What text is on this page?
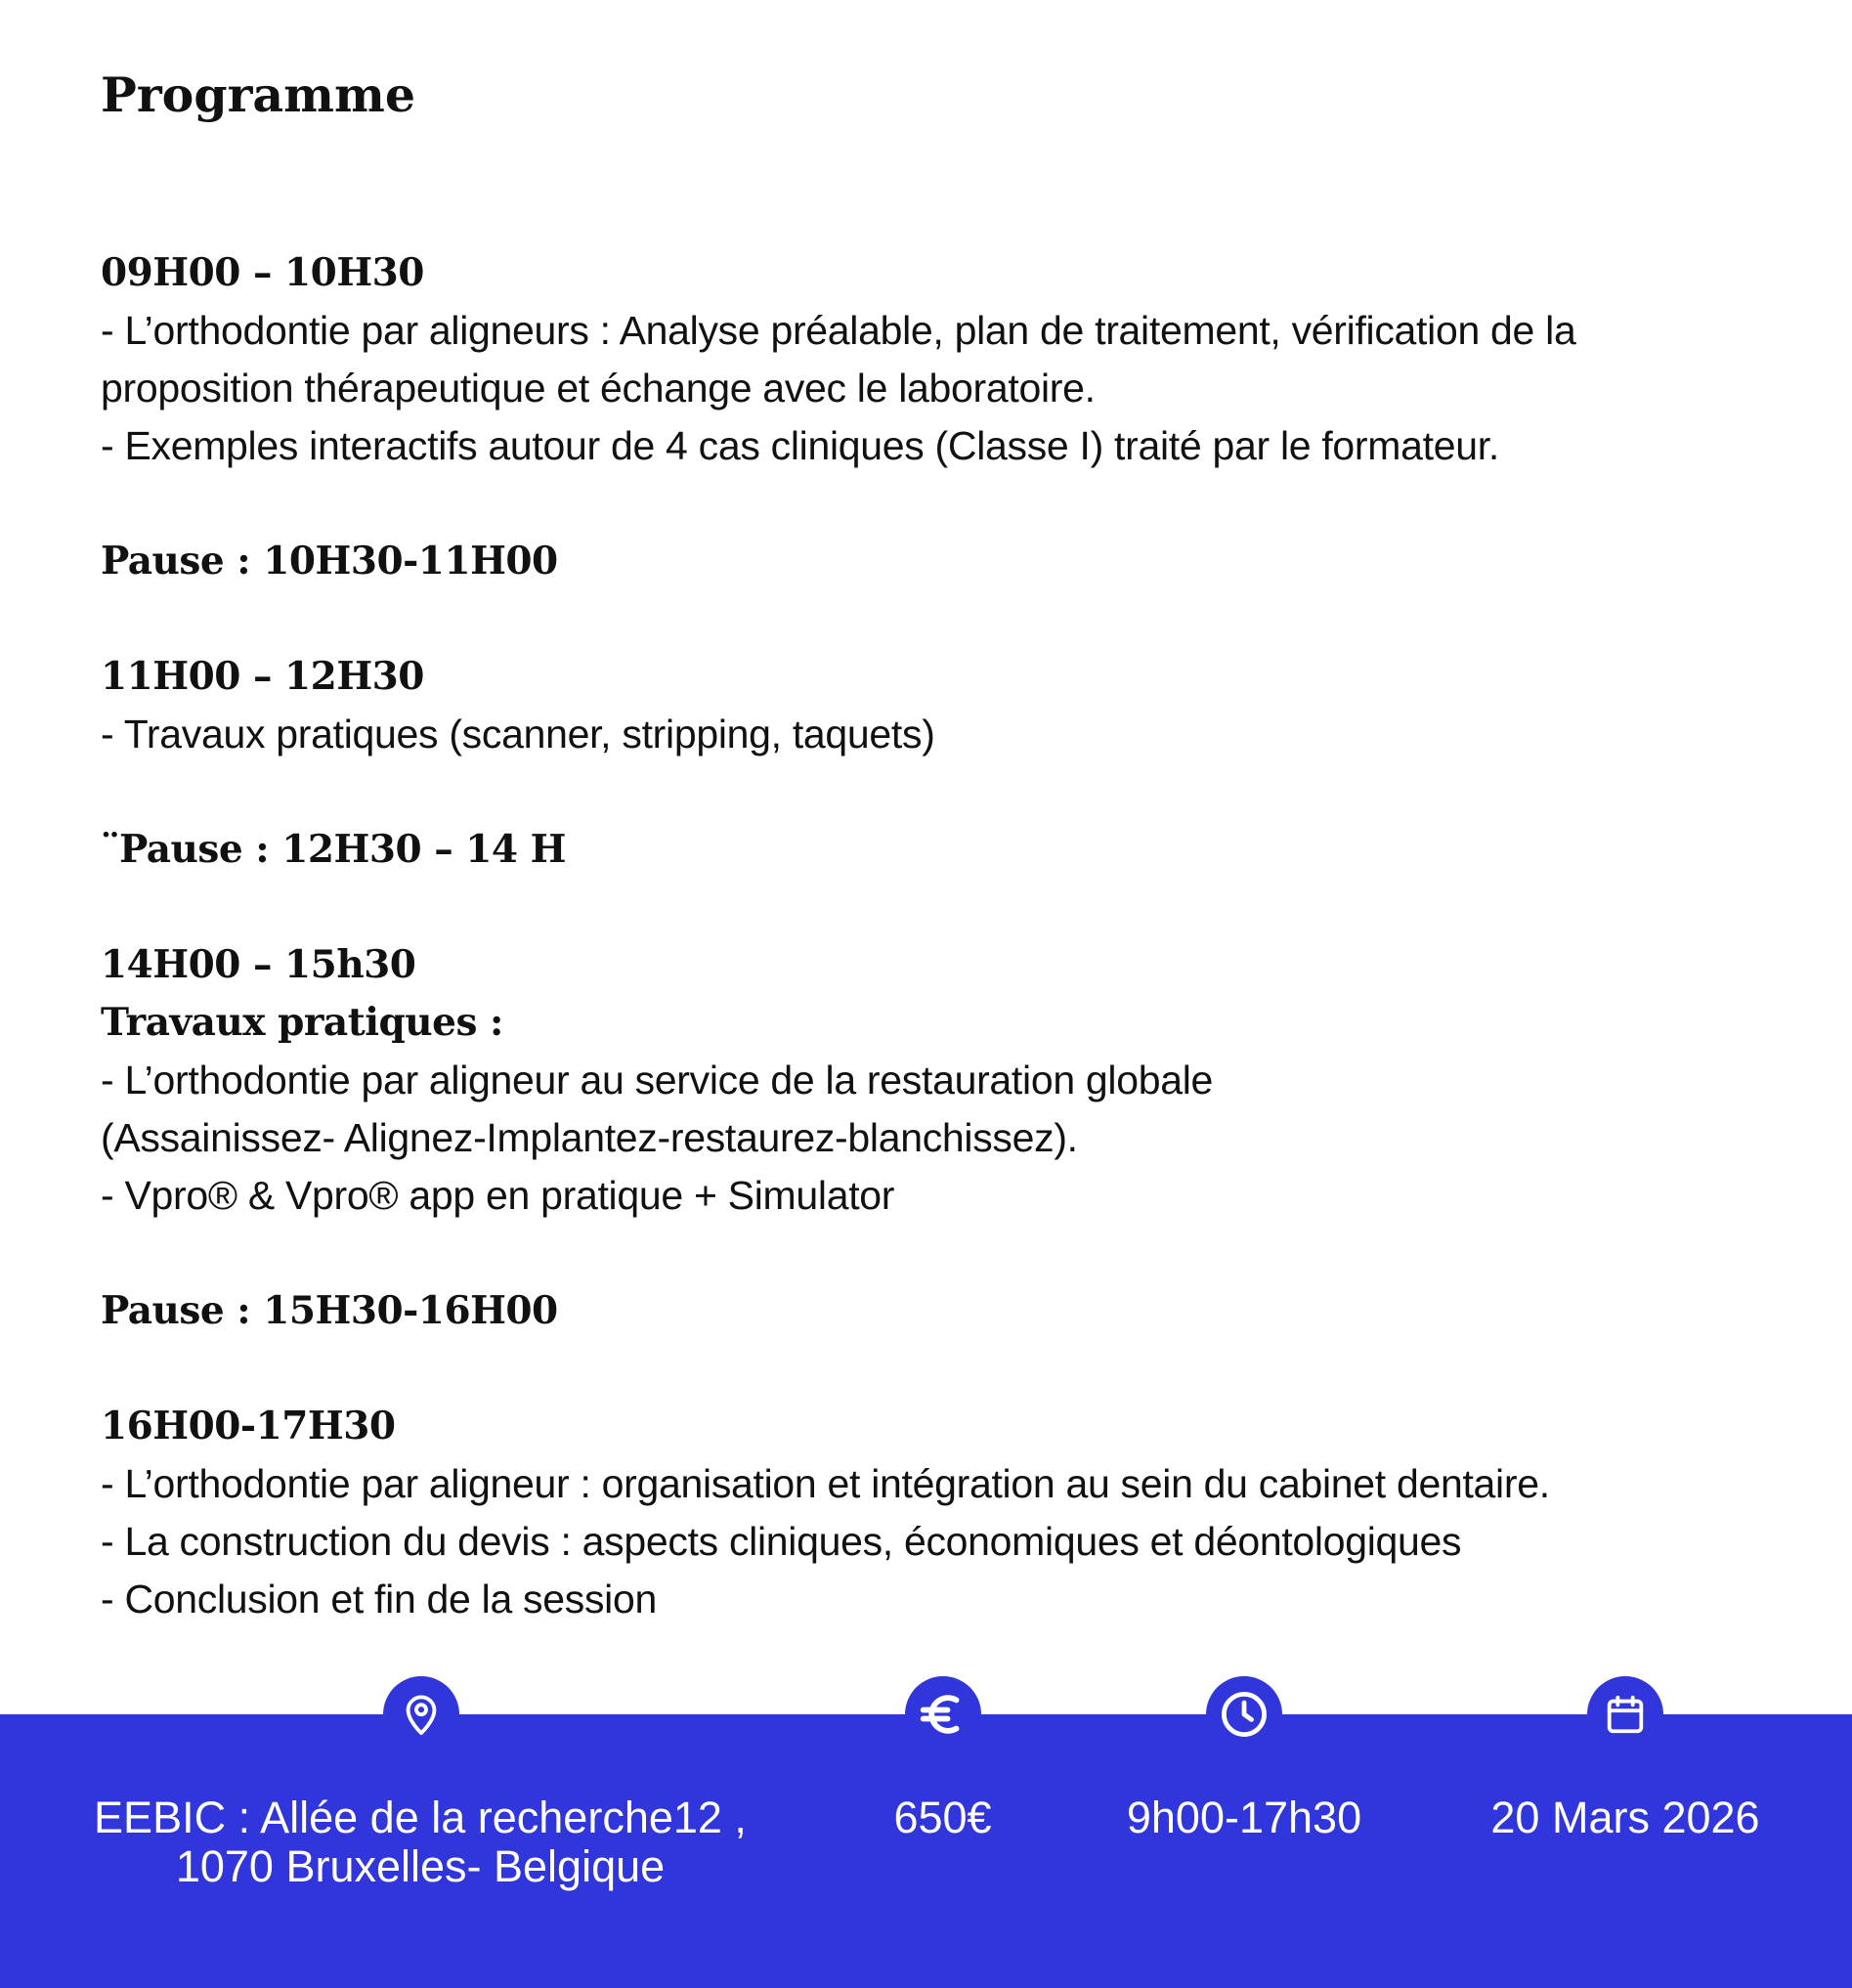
Programme
09H00 – 10H30
- L’orthodontie par aligneurs : Analyse préalable, plan de traitement, vérification de la
proposition thérapeutique et échange avec le laboratoire.
- Exemples interactifs autour de 4 cas cliniques (Classe I) traité par le formateur.
Pause : 10H30-11H00
11H00 – 12H30
- Travaux pratiques (scanner, stripping, taquets)
¨Pause : 12H30 – 14 H
14H00 – 15h30
Travaux pratiques :
- L’orthodontie par aligneur au service de la restauration globale
(Assainissez- Alignez-Implantez-restaurez-blanchissez).
- Vpro® & Vpro® app en pratique + Simulator
Pause : 15H30-16H00
16H00-17H30
- L’orthodontie par aligneur : organisation et intégration au sein du cabinet dentaire.
- La construction du devis : aspects cliniques, économiques et déontologiques
- Conclusion et fin de la session
EEBIC : Allée de la recherche12 ,
1070 Bruxelles- Belgique
650€	9h00-17h30	20 Mars 2026
